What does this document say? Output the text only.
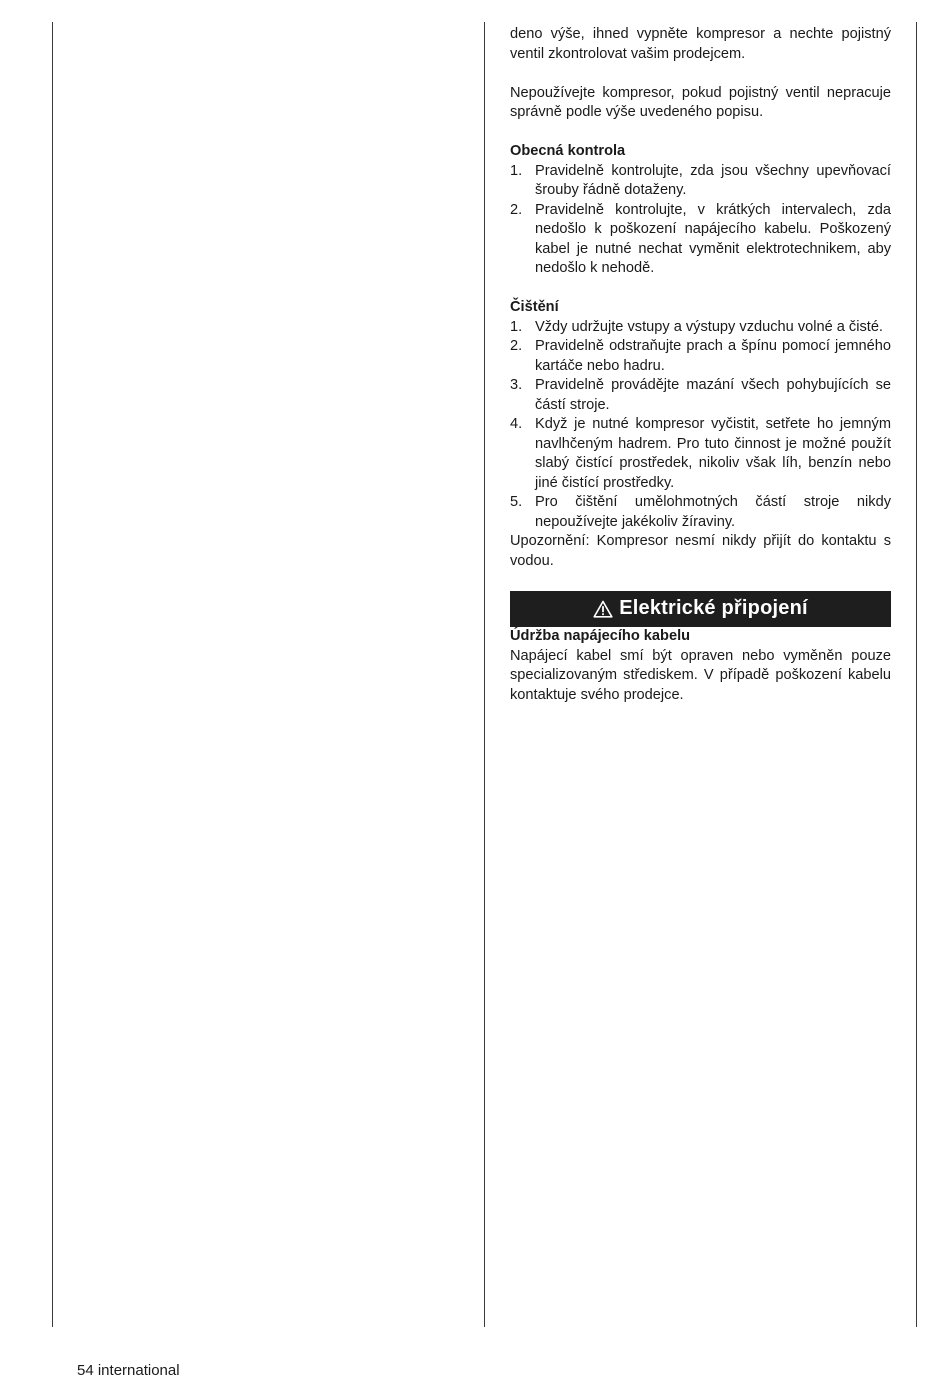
deno výše, ihned vypněte kompresor a nechte pojistný ventil zkontrolovat vašim prodejcem.

Nepoužívejte kompresor, pokud pojistný ventil nepracuje správně podle výše uvedeného popisu.

Obecná kontrola

1. Pravidelně kontrolujte, zda jsou všechny upevňovací šrouby řádně dotaženy.
2. Pravidelně kontrolujte, v krátkých intervalech, zda nedošlo k poškození napájecího kabelu. Poškozený kabel je nutné nechat vyměnit elektrotechnikem, aby nedošlo k nehodě.

Čištění

1. Vždy udržujte vstupy a výstupy vzduchu volné a čisté.
2. Pravidelně odstraňujte prach a špínu pomocí jemného kartáče nebo hadru.
3. Pravidelně provádějte mazání všech pohybujících se částí stroje.
4. Když je nutné kompresor vyčistit, setřete ho jemným navlhčeným hadrem. Pro tuto činnost je možné použít slabý čistící prostředek, nikoliv však líh, benzín nebo jiné čistící prostředky.
5. Pro čištění umělohmotných částí stroje nikdy nepoužívejte jakékoliv žíraviny.

Upozornění: Kompresor nesmí nikdy přijít do kontaktu s vodou.

Elektrické připojení

Údržba napájecího kabelu

Napájecí kabel smí být opraven nebo vyměněn pouze specializovaným střediskem. V případě poškození kabelu kontaktuje svého prodejce.

54 international
